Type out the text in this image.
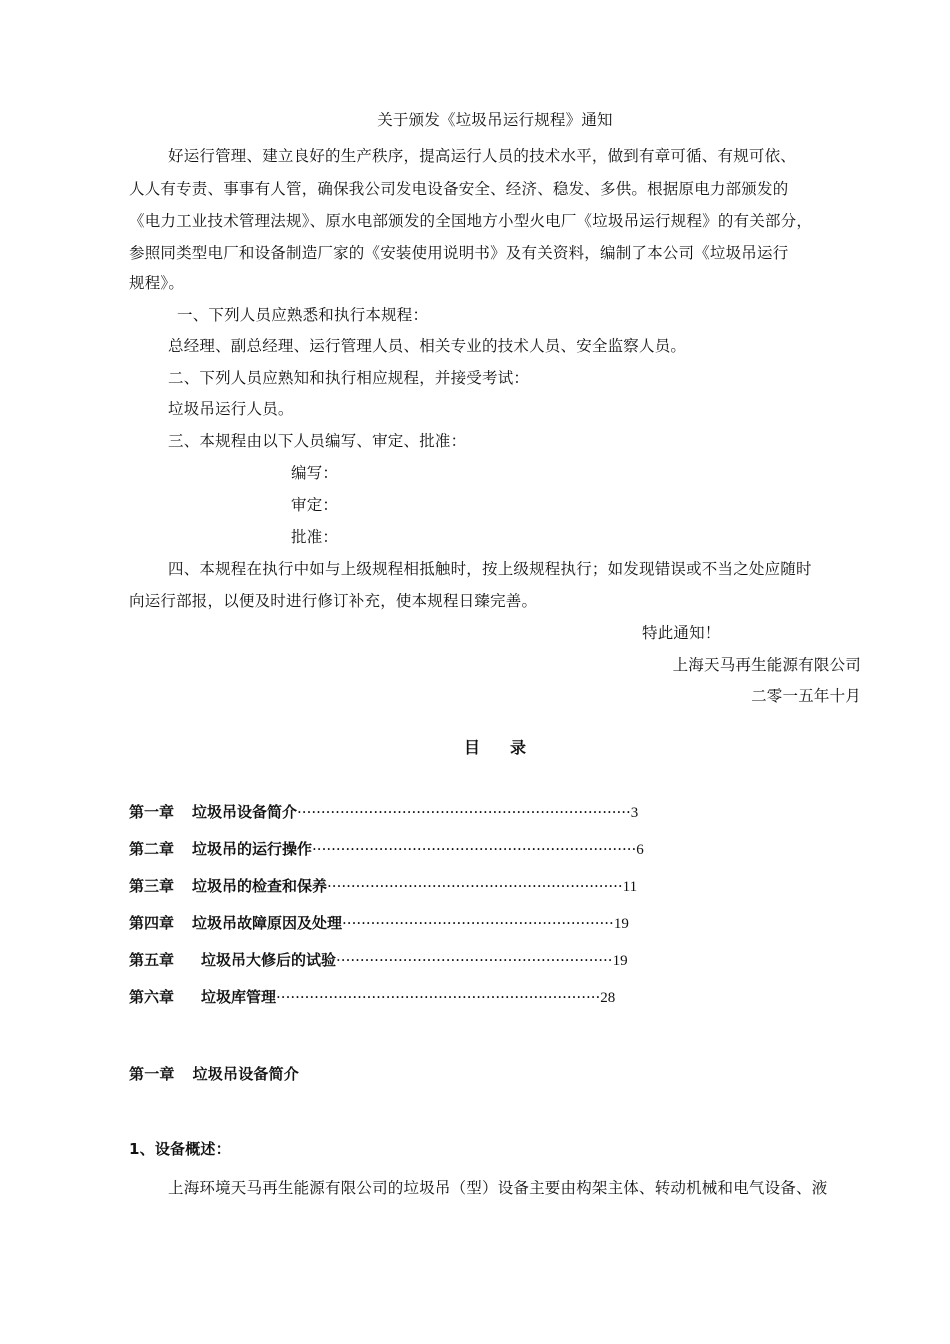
关于颁发《垃圾吊运行规程》通知
好运行管理、建立良好的生产秩序，提高运行人员的技术水平，做到有章可循、有规可依、
人人有专责、事事有人管，确保我公司发电设备安全、经济、稳发、多供。根据原电力部颁发的
《电力工业技术管理法规》、原水电部颁发的全国地方小型火电厂《垃圾吊运行规程》的有关部分，
参照同类型电厂和设备制造厂家的《安装使用说明书》及有关资料，编制了本公司《垃圾吊运行
规程》。
一、下列人员应熟悉和执行本规程：
总经理、副总经理、运行管理人员、相关专业的技术人员、安全监察人员。
二、下列人员应熟知和执行相应规程，并接受考试：
垃圾吊运行人员。
三、本规程由以下人员编写、审定、批准：
编写：
审定：
批准：
四、本规程在执行中如与上级规程相抵触时，按上级规程执行；如发现错误或不当之处应随时
向运行部报，以便及时进行修订补充，使本规程日臻完善。
特此通知！
上海天马再生能源有限公司
二零一五年十月
目 录
第一章 垃圾吊设备简介······································································3
第二章 垃圾吊的运行操作····································································6
第三章 垃圾吊的检查和保养······························································11
第四章 垃圾吊故障原因及处理·························································19
第五章 垃圾吊大修后的试验··························································19
第六章 垃圾库管理····································································28
第一章 垃圾吊设备简介
1、设备概述：
上海环境天马再生能源有限公司的垃圾吊（型）设备主要由构架主体、转动机械和电气设备、液
